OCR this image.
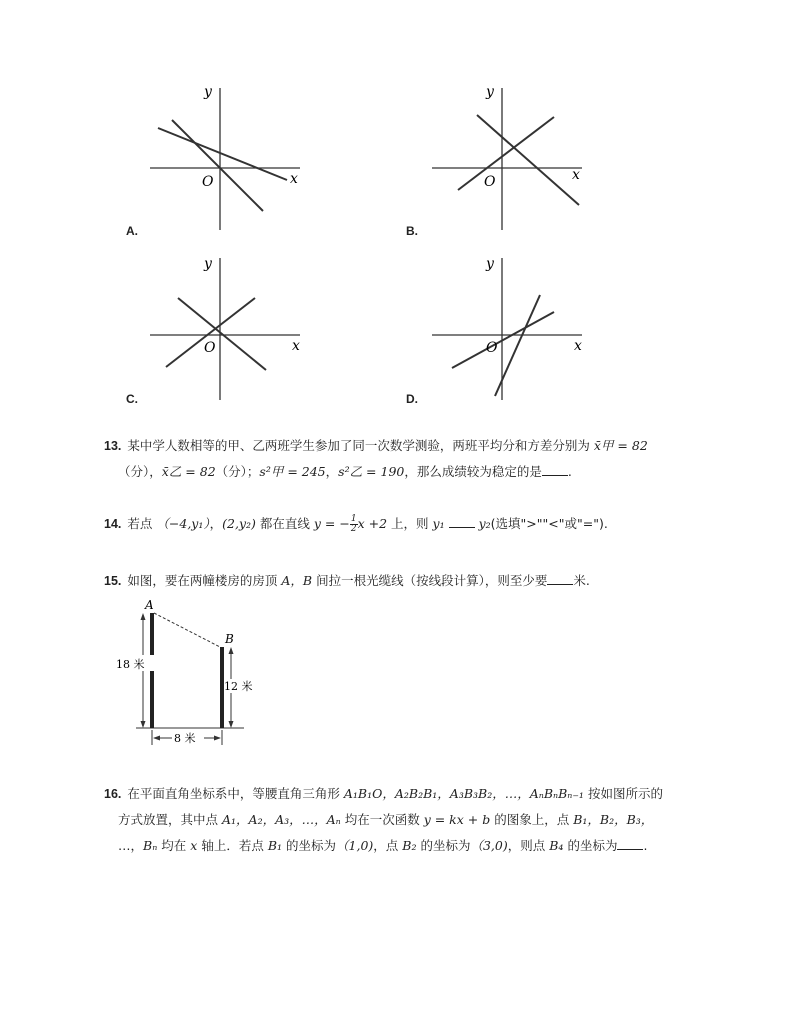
y
x
O
A.
y
x
O
B.
y
x
O
C.
y
x
O
D.
13. 某中学人数相等的甲、乙两班学生参加了同一次数学测验，两班平均分和方差分别为 x̄甲 = 82
（分），x̄乙 = 82（分）；s²甲 = 245，s²乙 = 190，那么成绩较为稳定的是 .
14. 若点 （−4,y₁），(2,y₂) 都在直线 y = − $\frac{1}{2}$ x +2 上，则 y₁	y₂(选填">""<"或"=").
15. 如图，要在两幢楼房的房顶 A，B 间拉一根光缆线（按线段计算），则至少要 米.
18 米
12 米
8 米
A
B
16. 在平面直角坐标系中，等腰直角三角形 A₁B₁O，A₂B₂B₁，A₃B₃B₂，…，AₙBₙBₙ₋₁ 按如图所示的
方式放置，其中点 A₁，A₂，A₃，…，Aₙ 均在一次函数 y = kx + b 的图象上，点 B₁，B₂，B₃，
…，Bₙ 均在 x 轴上．若点 B₁ 的坐标为（1,0)，点 B₂ 的坐标为（3,0)，则点 B₄ 的坐标为 .
